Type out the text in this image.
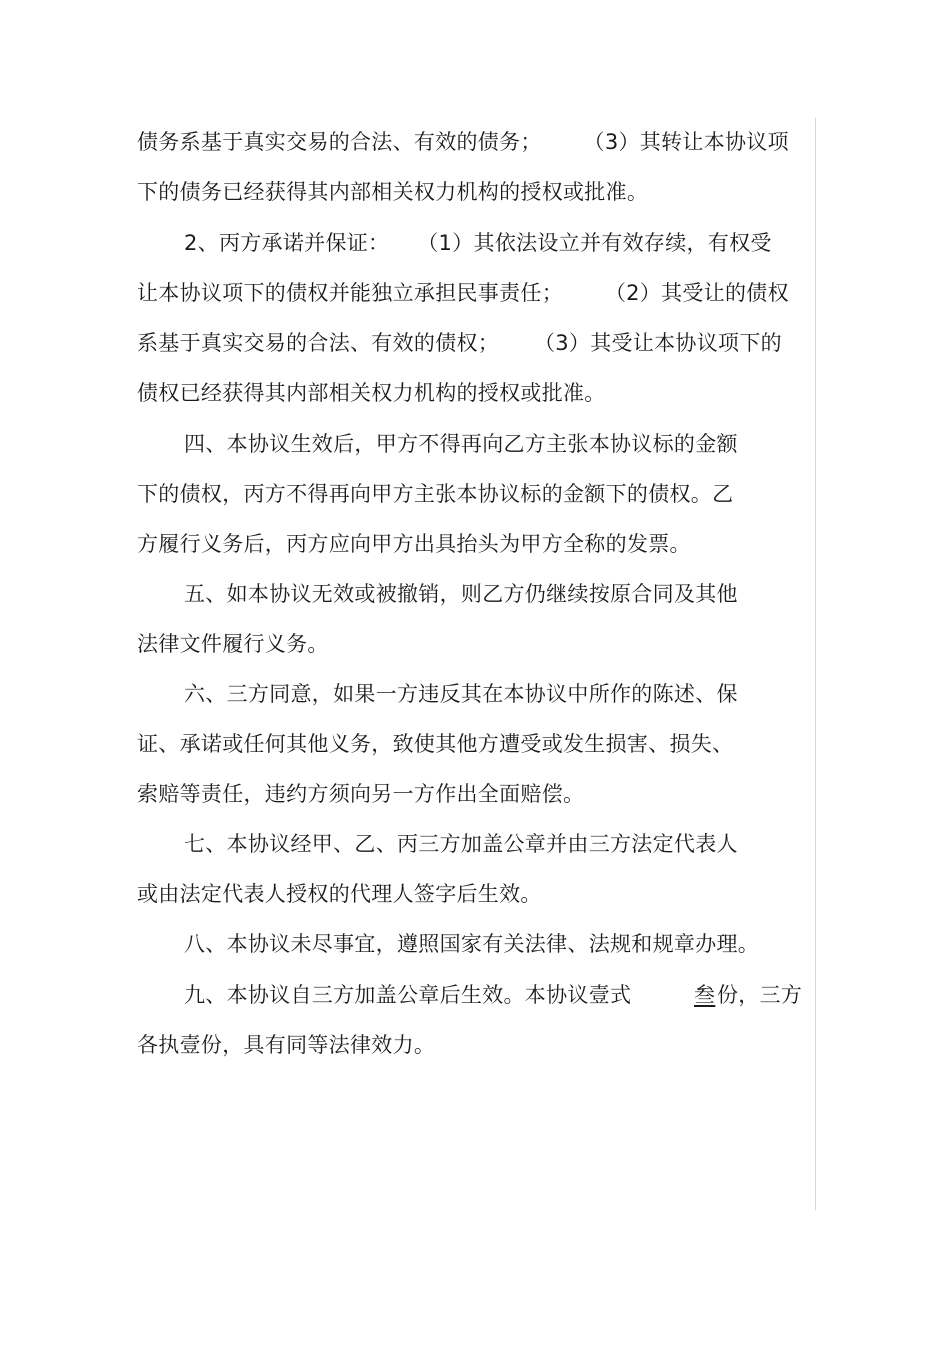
债务系基于真实交易的合法、有效的债务；      （3）其转让本协议项
下的债务已经获得其内部相关权力机构的授权或批准。
2、丙方承诺并保证：    （1）其依法设立并有效存续，有权受
让本协议项下的债权并能独立承担民事责任；      （2）其受让的债权
系基于真实交易的合法、有效的债权；     （3）其受让本协议项下的
债权已经获得其内部相关权力机构的授权或批准。
四、本协议生效后，甲方不得再向乙方主张本协议标的金额
下的债权，丙方不得再向甲方主张本协议标的金额下的债权。乙
方履行义务后，丙方应向甲方出具抬头为甲方全称的发票。
五、如本协议无效或被撤销，则乙方仍继续按原合同及其他
法律文件履行义务。
六、三方同意，如果一方违反其在本协议中所作的陈述、保
证、承诺或任何其他义务，致使其他方遭受或发生损害、损失、
索赔等责任，违约方须向另一方作出全面赔偿。
七、本协议经甲、乙、丙三方加盖公章并由三方法定代表人
或由法定代表人授权的代理人签字后生效。
八、本协议未尽事宜，遵照国家有关法律、法规和规章办理。
九、本协议自三方加盖公章后生效。本协议壹式	叁 份，三方
各执壹份，具有同等法律效力。
